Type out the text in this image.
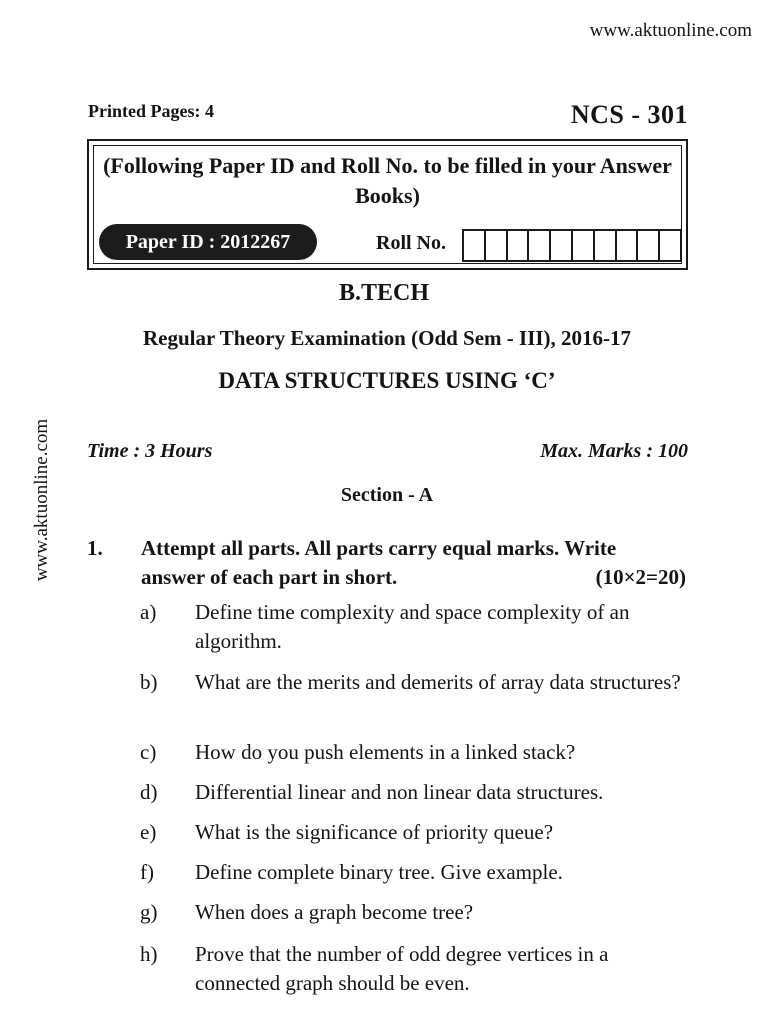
www.aktuonline.com
www.aktuonline.com
Printed Pages: 4	NCS - 301
(Following Paper ID and Roll No. to be filled in your Answer Books)
Paper ID : 2012267	Roll No.
B.TECH
Regular Theory Examination (Odd Sem - III), 2016-17
DATA STRUCTURES USING ‘C’
Time : 3 Hours	Max. Marks : 100
Section - A
1. Attempt all parts. All parts carry equal marks. Write
answer of each part in short.	(10×2=20)
a) Define time complexity and space complexity of an algorithm.
b) What are the merits and demerits of array data structures?
c) How do you push elements in a linked stack?
d) Differential linear and non linear data structures.
e) What is the significance of priority queue?
f) Define complete binary tree. Give example.
g) When does a graph become tree?
h) Prove that the number of odd degree vertices in a connected graph should be even.
